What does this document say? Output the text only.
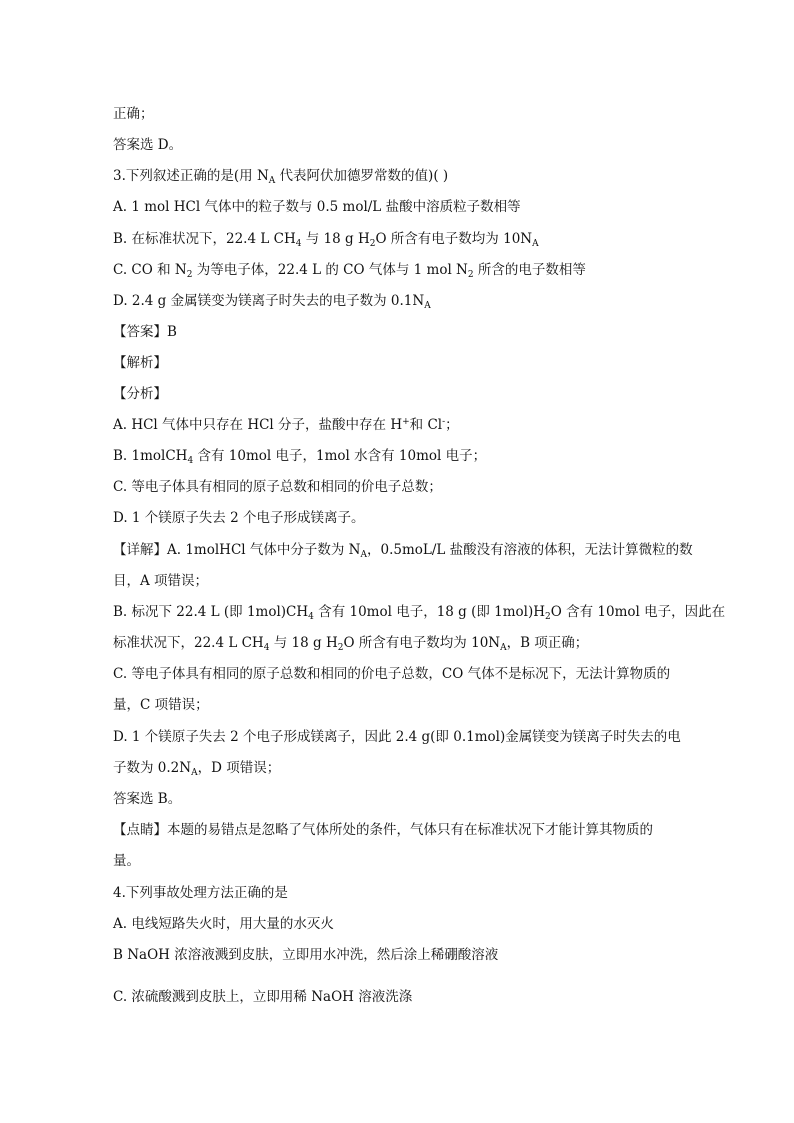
正确；
答案选 D。
3.下列叙述正确的是(用 $N_A$ 代表阿伏加德罗常数的值)( )
A. 1 mol HCl 气体中的粒子数与 0.5 mol/L 盐酸中溶质粒子数相等
B. 在标准状况下，22.4 L $CH_4$ 与 18 g $H_2O$ 所含有电子数均为 $10N_A$
C. CO 和 $N_2$ 为等电子体，22.4 L 的 CO 气体与 1 mol $N_2$ 所含的电子数相等
D. 2.4 g 金属镁变为镁离子时失去的电子数为 $0.1N_A$
【答案】B
【解析】
【分析】
A. HCl 气体中只存在 HCl 分子，盐酸中存在 H+和 Cl-；
B. 1molCH$_4$ 含有 10mol 电子，1mol 水含有 10mol 电子；
C. 等电子体具有相同的原子总数和相同的价电子总数；
D. 1 个镁原子失去 2 个电子形成镁离子。
【详解】A. 1molHCl 气体中分子数为 $N_A$，0.5moL/L 盐酸没有溶液的体积，无法计算微粒的数
目，A 项错误；
B. 标况下 22.4 L (即 $1mol)CH_4$ 含有 10mol 电子，18 g (即 $1mol)H_2O$ 含有 10mol 电子，因此在
标准状况下，22.4 L $CH_4$ 与 18 g $H_2O$ 所含有电子数均为 $10N_A$，B 项正确；
C. 等电子体具有相同的原子总数和相同的价电子总数，CO 气体不是标况下，无法计算物质的
量，C 项错误；
D. 1 个镁原子失去 2 个电子形成镁离子，因此 2.4 g(即 0.1mol)金属镁变为镁离子时失去的电
子数为 $0.2N_A$，D 项错误；
答案选 B。
【点睛】本题的易错点是忽略了气体所处的条件，气体只有在标准状况下才能计算其物质的
量。
4.下列事故处理方法正确的是
A. 电线短路失火时，用大量的水灭火
B NaOH 浓溶液溅到皮肤，立即用水冲洗，然后涂上稀硼酸溶液
C. 浓硫酸溅到皮肤上，立即用稀 NaOH 溶液洗涤
